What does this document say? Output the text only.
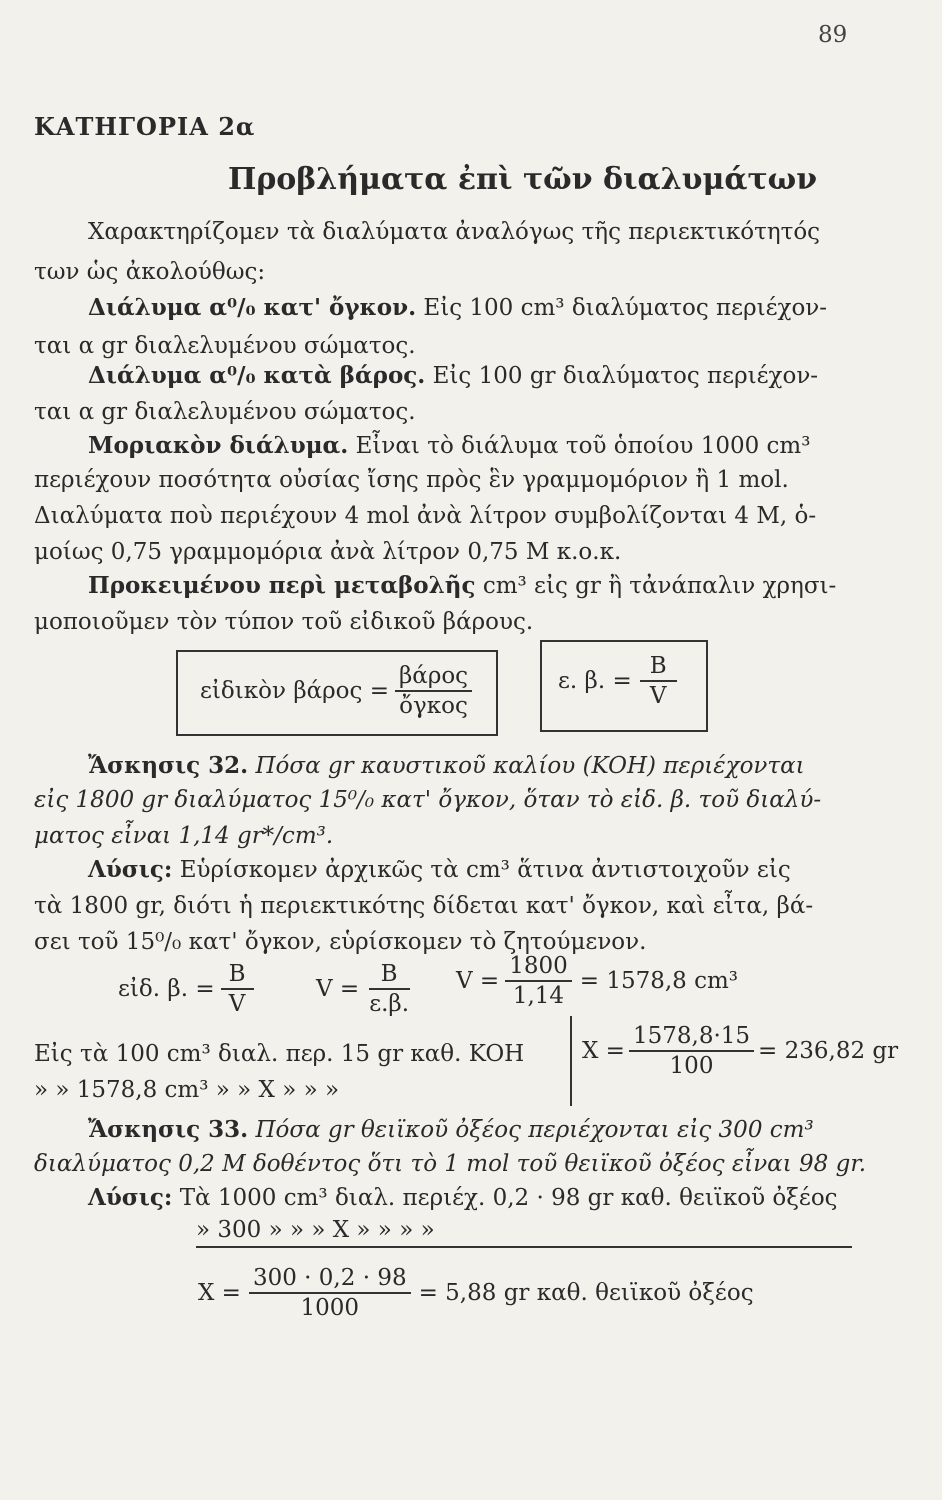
89
ΚΑΤΗΓΟΡΙΑ 2α
Προβλήματα ἐπὶ τῶν διαλυμάτων
Χαρακτηρίζομεν τὰ διαλύματα ἀναλόγως τῆς περιεκτικότητός
των ὡς ἀκολούθως:
Διάλυμα α⁰/₀ κατ' ὄγκον. Εἰς 100 cm³ διαλύματος περιέχον-
ται α gr διαλελυμένου σώματος.
Διάλυμα α⁰/₀ κατὰ βάρος. Εἰς 100 gr διαλύματος περιέχον-
ται α gr διαλελυμένου σώματος.
Μοριακὸν διάλυμα. Εἶναι τὸ διάλυμα τοῦ ὁποίου 1000 cm³
περιέχουν ποσότητα οὐσίας ἴσης πρὸς ἓν γραμμομόριον ἢ 1 mol.
Διαλύματα ποὺ περιέχουν 4 mol ἀνὰ λίτρον συμβολίζονται 4 M, ὁ-
μοίως 0,75 γραμμομόρια ἀνὰ λίτρον 0,75 M κ.ο.κ.
Προκειμένου περὶ μεταβολῆς cm³ εἰς gr ἢ τἀνάπαλιν χρησι-
μοποιοῦμεν τὸν τύπον τοῦ εἰδικοῦ βάρους.
εἰδικὸν $\beta ά\rho o\varsigma = \frac{\text{βάρος}}{\text{ὄγκος}}$	ε. β. = $\frac{B}{V}$
Ἄσκησις 32. Πόσα gr καυστικοῦ καλίου (KOH) περιέχονται
εἰς 1800 gr διαλύματος 15⁰/₀ κατ' ὄγκον, ὅταν τὸ εἰδ. β. τοῦ διαλύ-
ματος εἶναι 1,14 gr*/cm³.
Λύσις: Εὑρίσκομεν ἀρχικῶς τὰ cm³ ἅτινα ἀντιστοιχοῦν εἰς
τὰ 1800 gr, διότι ἡ περιεκτικότης δίδεται κατ' ὄγκον, καὶ εἶτα, βά-
σει τοῦ 15⁰/₀ κατ' ὄγκον, εὑρίσκομεν τὸ ζητούμενον.
εἰδ. β. = $\frac{B}{V}$	$V = \frac{B}{\varepsilon.\beta.}$ $V = \frac{1800}{1,14} = 1578,8$ cm³
Εἰς τὰ 100 cm³ διαλ. περ. 15 gr καθ. KOH
» » 1578,8 cm³ » » X » » »
$X = \frac{1578,8\cdot 15}{100} = 236,82$ gr
Ἄσκησις 33. Πόσα gr θειϊκοῦ ὀξέος περιέχονται εἰς 300 cm³
διαλύματος 0,2 M δοθέντος ὅτι τὸ 1 mol τοῦ θειϊκοῦ ὀξέος εἶναι 98 gr.
Λύσις: Τὰ 1000 cm³ διαλ. περιέχ. 0,2 · 98 gr καθ. θειϊκοῦ ὀξέος
» 300 » » » X » » » »
$X = \frac{300 \cdot 0,2 \cdot 98}{1000} = 5,88$ gr καθ. θειϊκοῦ ὀξέος
